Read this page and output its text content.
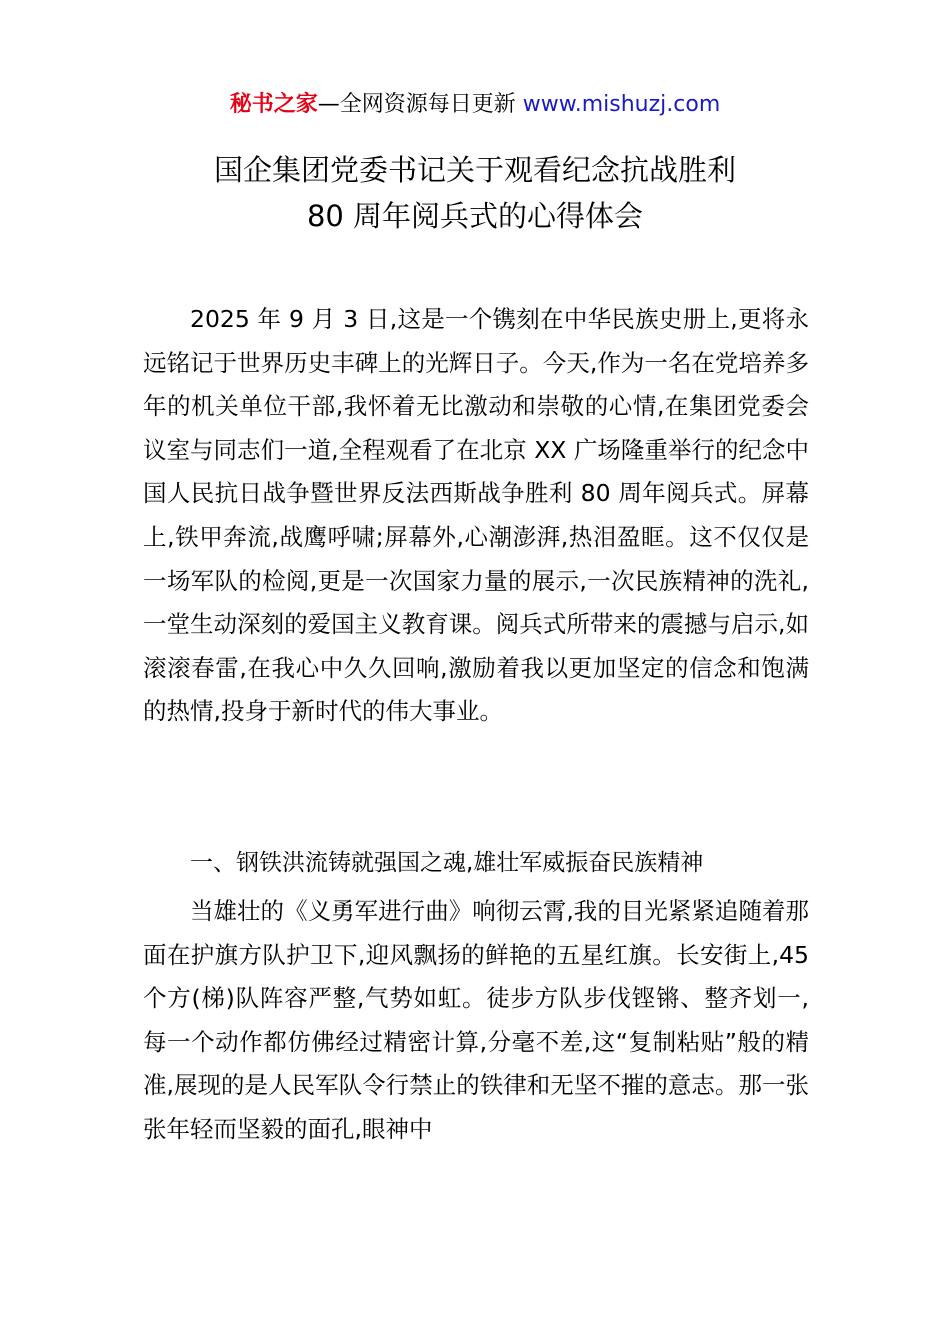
秘书之家—全网资源每日更新 www.mishuzj.com
国企集团党委书记关于观看纪念抗战胜利
80 周年阅兵式的心得体会

2025 年 9 月 3 日,这是一个镌刻在中华民族史册上,更将永远铭记于世界历史丰碑上的光辉日子。今天,作为一名在党培养多年的机关单位干部,我怀着无比激动和崇敬的心情,在集团党委会议室与同志们一道,全程观看了在北京 XX 广场隆重举行的纪念中国人民抗日战争暨世界反法西斯战争胜利 80 周年阅兵式。屏幕上,铁甲奔流,战鹰呼啸;屏幕外,心潮澎湃,热泪盈眶。这不仅仅是一场军队的检阅,更是一次国家力量的展示,一次民族精神的洗礼,一堂生动深刻的爱国主义教育课。阅兵式所带来的震撼与启示,如滚滚春雷,在我心中久久回响,激励着我以更加坚定的信念和饱满的热情,投身于新时代的伟大事业。

一、钢铁洪流铸就强国之魂,雄壮军威振奋民族精神

当雄壮的《义勇军进行曲》响彻云霄,我的目光紧紧追随着那面在护旗方队护卫下,迎风飘扬的鲜艳的五星红旗。长安街上,45 个方(梯)队阵容严整,气势如虹。徒步方队步伐铿锵、整齐划一,每一个动作都仿佛经过精密计算,分毫不差,这“复制粘贴”般的精准,展现的是人民军队令行禁止的铁律和无坚不摧的意志。那一张张年轻而坚毅的面孔,眼神中
